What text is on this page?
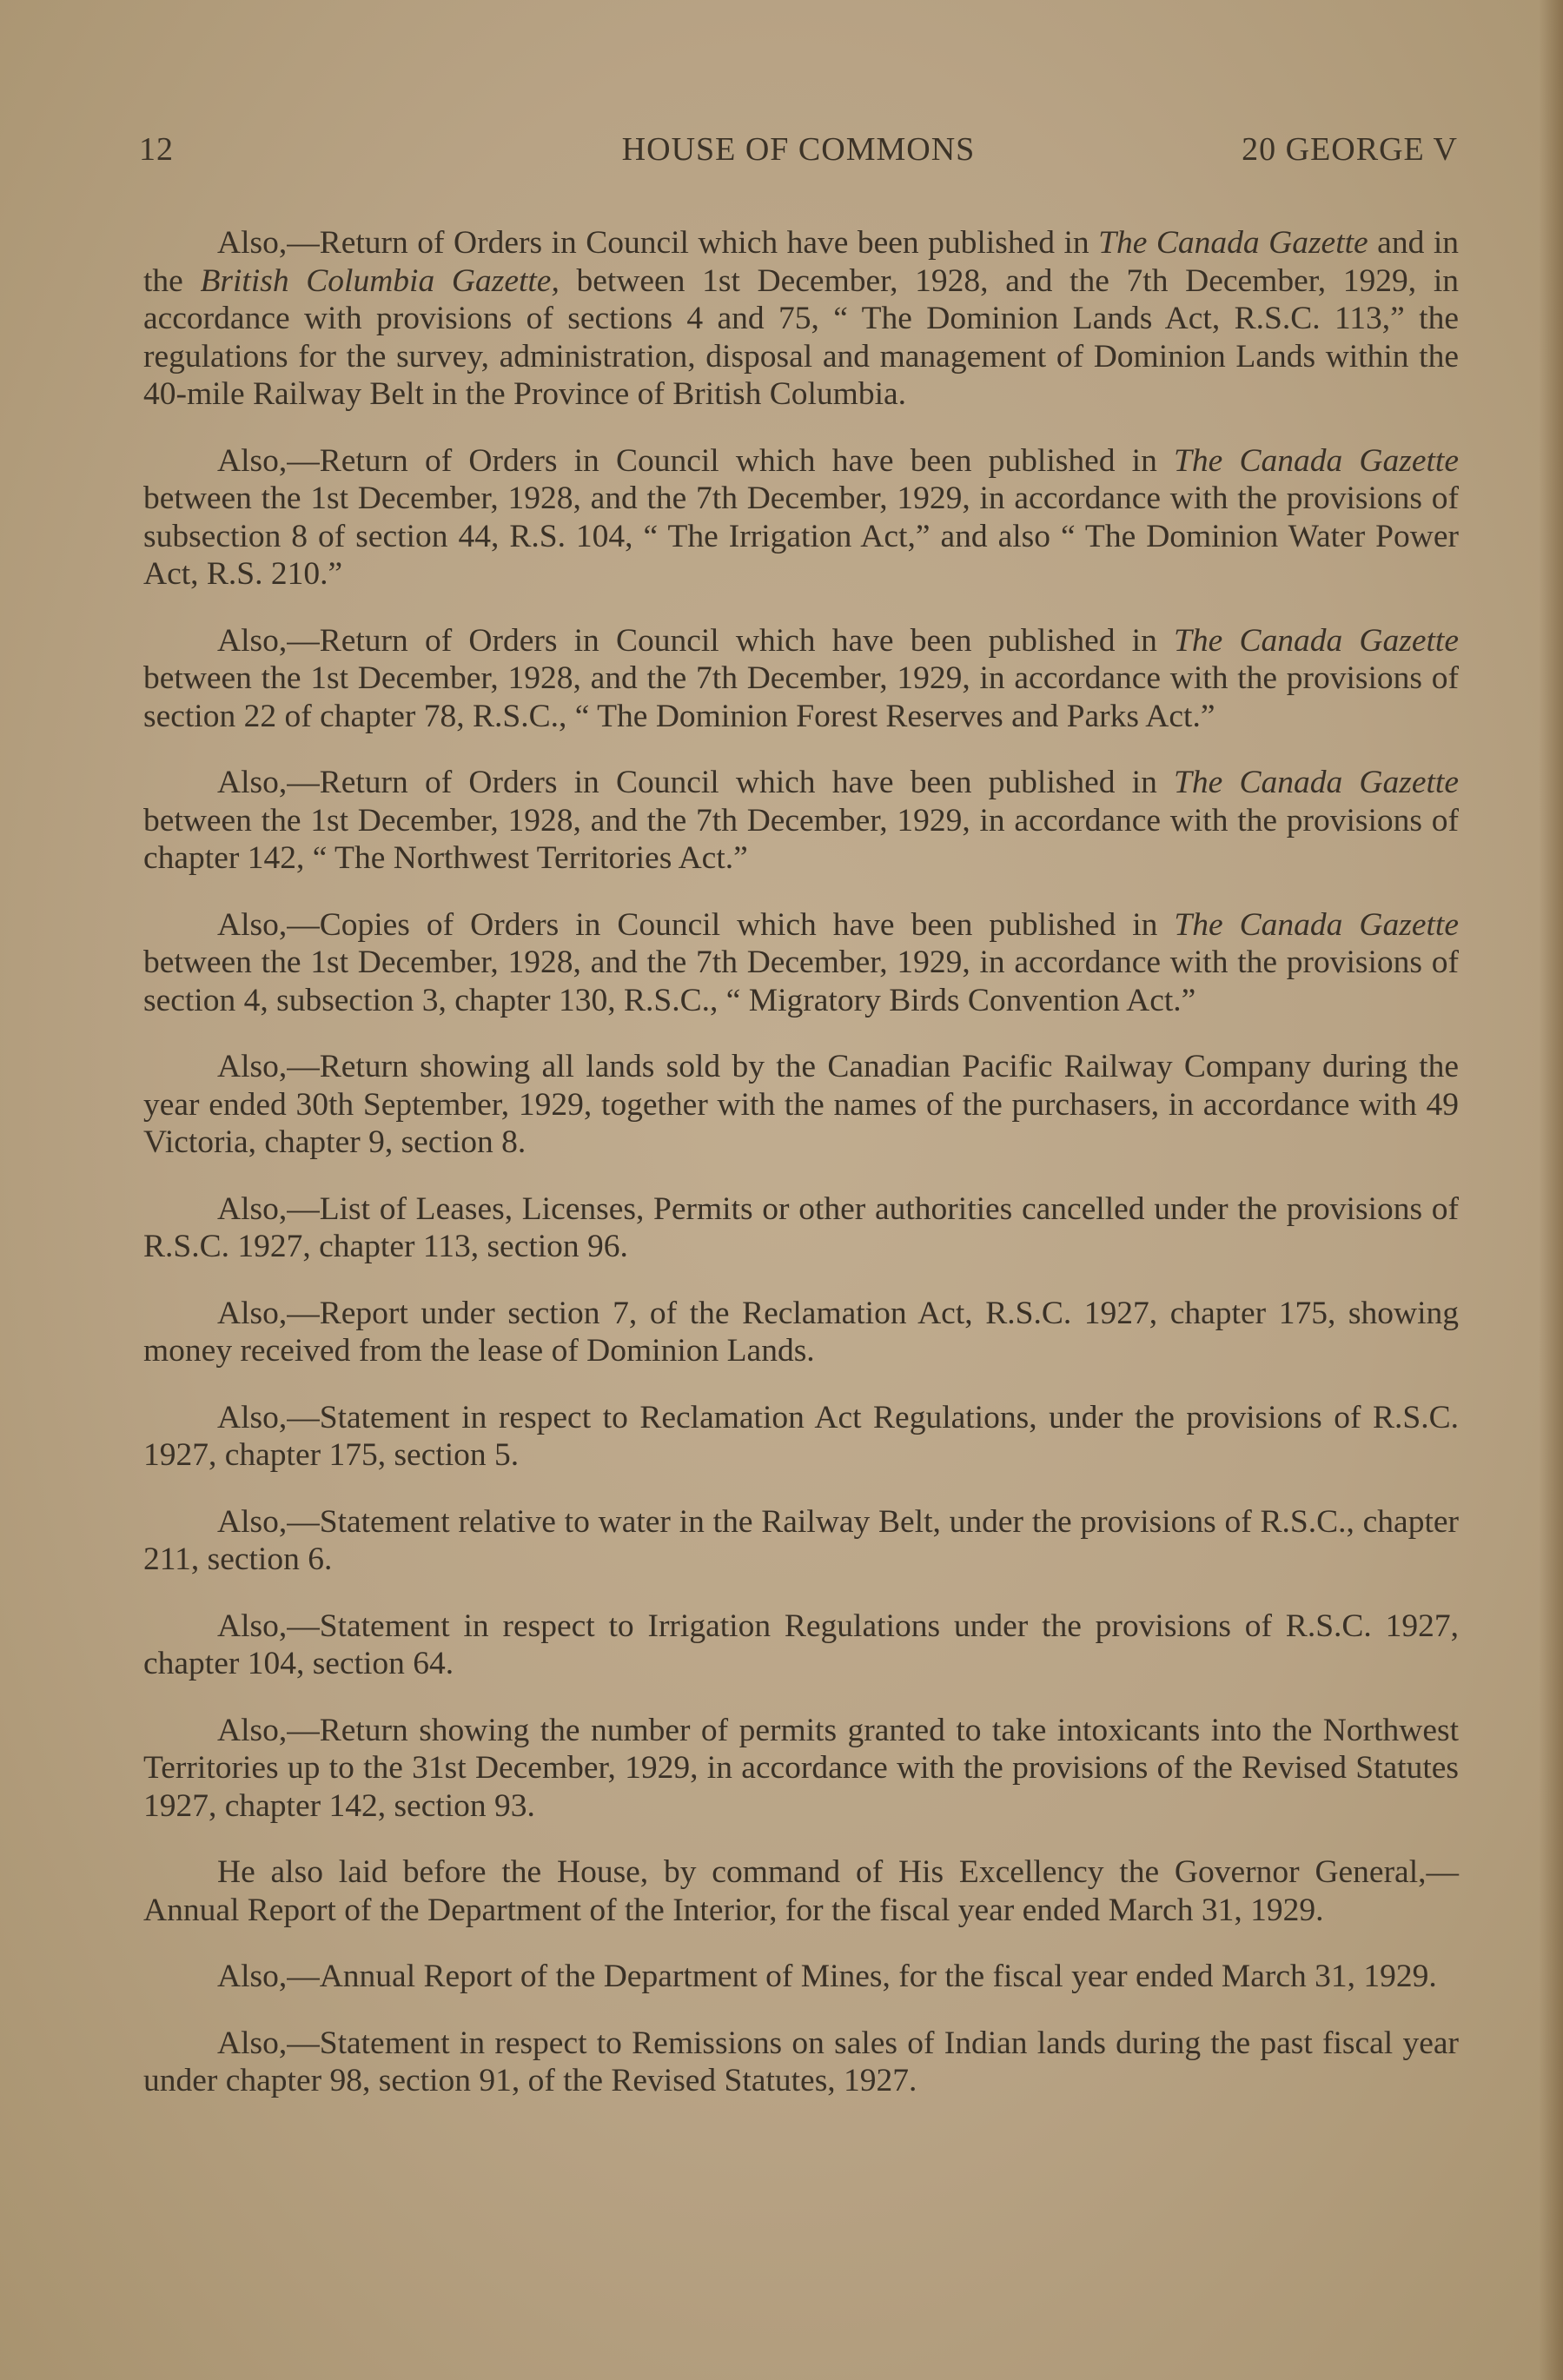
12	HOUSE OF COMMONS	20 GEORGE V

Also,—Return of Orders in Council which have been published in The Canada Gazette and in the British Columbia Gazette, between 1st December, 1928, and the 7th December, 1929, in accordance with provisions of sections 4 and 75, “ The Dominion Lands Act, R.S.C. 113,” the regulations for the survey, administration, disposal and management of Dominion Lands within the 40-mile Railway Belt in the Province of British Columbia.

Also,—Return of Orders in Council which have been published in The Canada Gazette between the 1st December, 1928, and the 7th December, 1929, in accordance with the provisions of subsection 8 of section 44, R.S. 104, “ The Irrigation Act,” and also “ The Dominion Water Power Act, R.S. 210.”

Also,—Return of Orders in Council which have been published in The Canada Gazette between the 1st December, 1928, and the 7th December, 1929, in accordance with the provisions of section 22 of chapter 78, R.S.C., “ The Dominion Forest Reserves and Parks Act.”

Also,—Return of Orders in Council which have been published in The Canada Gazette between the 1st December, 1928, and the 7th December, 1929, in accordance with the provisions of chapter 142, “ The Northwest Territories Act.”

Also,—Copies of Orders in Council which have been published in The Canada Gazette between the 1st December, 1928, and the 7th December, 1929, in accordance with the provisions of section 4, subsection 3, chapter 130, R.S.C., “ Migratory Birds Convention Act.”

Also,—Return showing all lands sold by the Canadian Pacific Railway Company during the year ended 30th September, 1929, together with the names of the purchasers, in accordance with 49 Victoria, chapter 9, section 8.

Also,—List of Leases, Licenses, Permits or other authorities cancelled under the provisions of R.S.C. 1927, chapter 113, section 96.

Also,—Report under section 7, of the Reclamation Act, R.S.C. 1927, chapter 175, showing money received from the lease of Dominion Lands.

Also,—Statement in respect to Reclamation Act Regulations, under the provisions of R.S.C. 1927, chapter 175, section 5.

Also,—Statement relative to water in the Railway Belt, under the provisions of R.S.C., chapter 211, section 6.

Also,—Statement in respect to Irrigation Regulations under the provisions of R.S.C. 1927, chapter 104, section 64.

Also,—Return showing the number of permits granted to take intoxicants into the Northwest Territories up to the 31st December, 1929, in accordance with the provisions of the Revised Statutes 1927, chapter 142, section 93.

He also laid before the House, by command of His Excellency the Governor General,—Annual Report of the Department of the Interior, for the fiscal year ended March 31, 1929.

Also,—Annual Report of the Department of Mines, for the fiscal year ended March 31, 1929.

Also,—Statement in respect to Remissions on sales of Indian lands during the past fiscal year under chapter 98, section 91, of the Revised Statutes, 1927.
